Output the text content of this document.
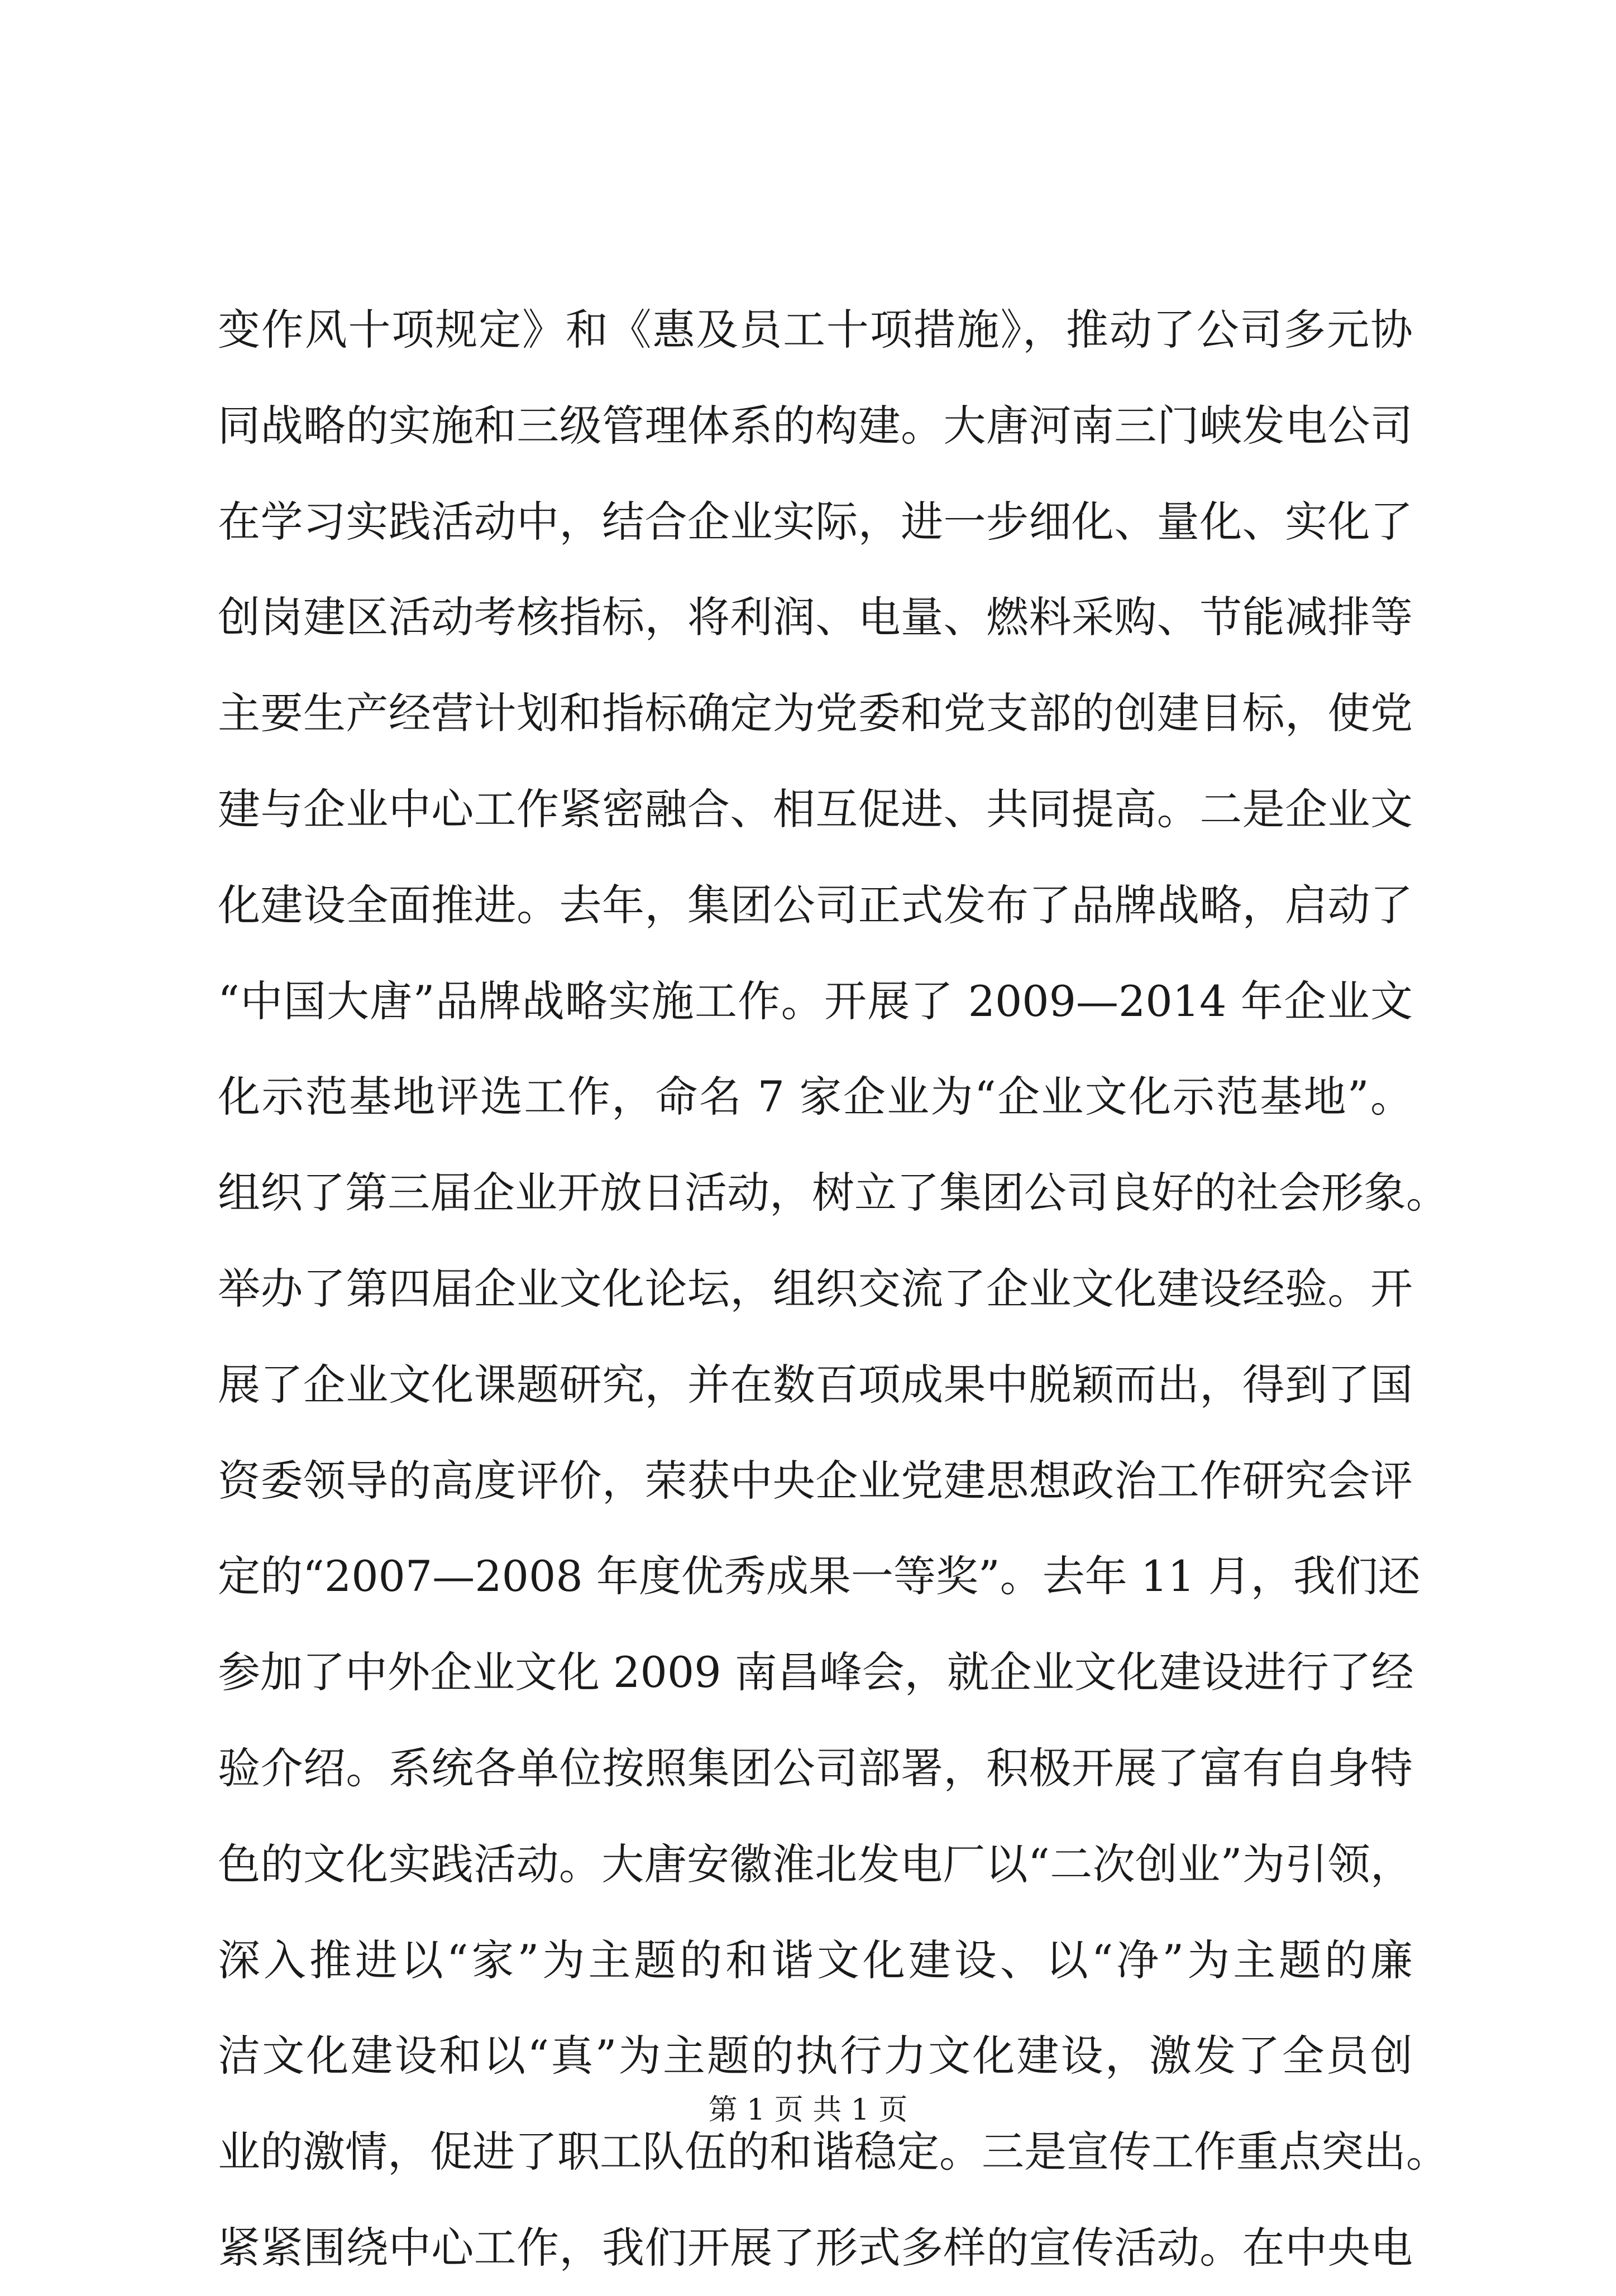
变作风十项规定》和《惠及员工十项措施》，推动了公司多元协
同战略的实施和三级管理体系的构建。大唐河南三门峡发电公司
在学习实践活动中，结合企业实际，进一步细化、量化、实化了
创岗建区活动考核指标，将利润、电量、燃料采购、节能减排等
主要生产经营计划和指标确定为党委和党支部的创建目标，使党
建与企业中心工作紧密融合、相互促进、共同提高。二是企业文
化建设全面推进。去年，集团公司正式发布了品牌战略，启动了
“中国大唐”品牌战略实施工作。开展了 2009—2014 年企业文
化示范基地评选工作，命名 7 家企业为“企业文化示范基地”。
组织了第三届企业开放日活动，树立了集团公司良好的社会形象。
举办了第四届企业文化论坛，组织交流了企业文化建设经验。开
展了企业文化课题研究，并在数百项成果中脱颖而出，得到了国
资委领导的高度评价，荣获中央企业党建思想政治工作研究会评
定的“2007—2008 年度优秀成果一等奖”。去年 11 月，我们还
参加了中外企业文化 2009 南昌峰会，就企业文化建设进行了经
验介绍。系统各单位按照集团公司部署，积极开展了富有自身特
色的文化实践活动。大唐安徽淮北发电厂以“二次创业”为引领，
深入推进以“家”为主题的和谐文化建设、以“净”为主题的廉
洁文化建设和以“真”为主题的执行力文化建设，激发了全员创
业的激情，促进了职工队伍的和谐稳定。三是宣传工作重点突出。
紧紧围绕中心工作，我们开展了形式多样的宣传活动。在中央电
第 1 页 共 1 页
